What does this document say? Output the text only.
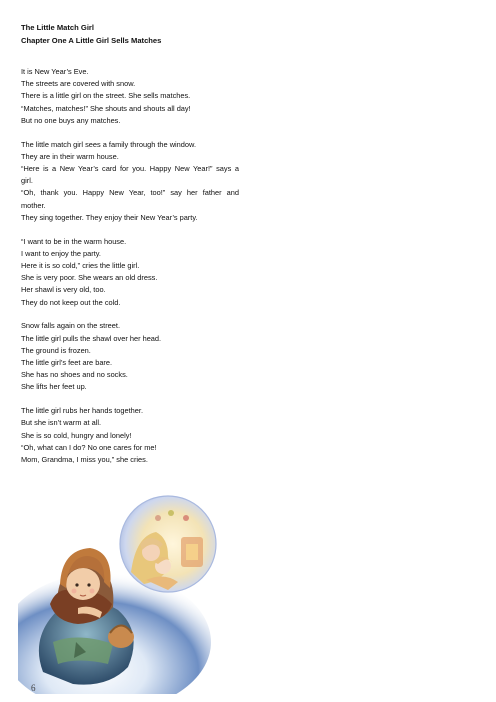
The Little Match Girl
Chapter One A Little Girl Sells Matches
It is New Year’s Eve.
The streets are covered with snow.
There is a little girl on the street. She sells matches.
“Matches, matches!” She shouts and shouts all day!
But no one buys any matches.
The little match girl sees a family through the window.
They are in their warm house.
“Here is a New Year’s card for you. Happy New Year!” says a
girl.
“Oh, thank you. Happy New Year, too!” say her father and
mother.
They sing together. They enjoy their New Year’s party.
“I want to be in the warm house.
I want to enjoy the party.
Here it is so cold,” cries the little girl.
She is very poor. She wears an old dress.
Her shawl is very old, too.
They do not keep out the cold.
Snow falls again on the street.
The little girl pulls the shawl over her head.
The ground is frozen.
The little girl’s feet are bare.
She has no shoes and no socks.
She lifts her feet up.
The little girl rubs her hands together.
But she isn’t warm at all.
She is so cold, hungry and lonely!
“Oh, what can I do? No one cares for me!
Mom, Grandma, I miss you,” she cries.
6
